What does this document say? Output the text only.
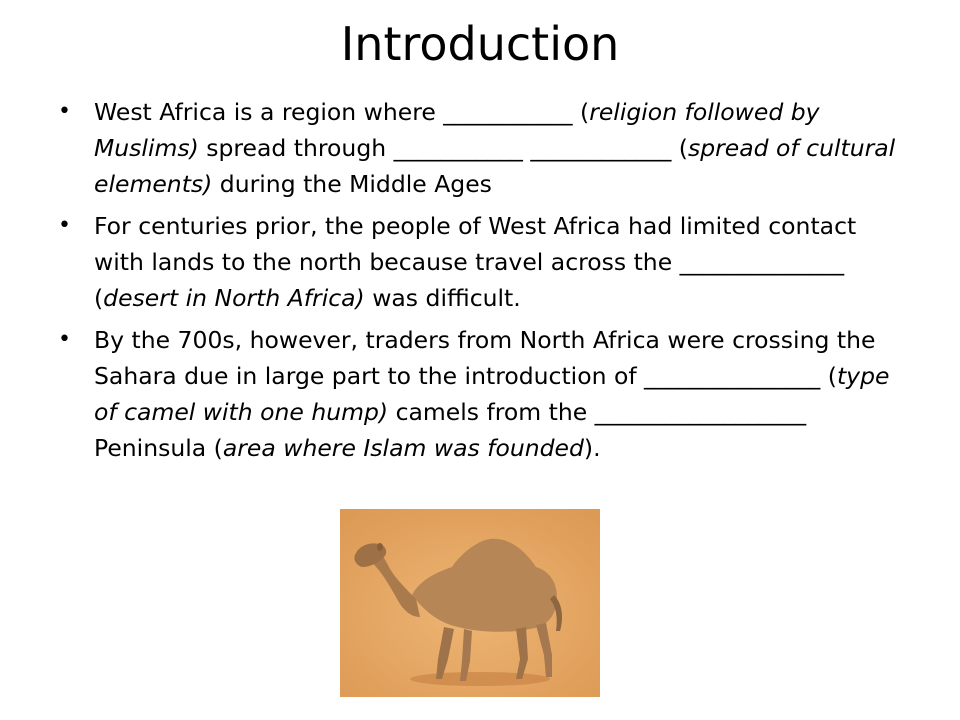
Introduction
• West Africa is a region where ___________ (religion followed by Muslims) spread through ___________ ____________ (spread of cultural elements) during the Middle Ages
• For centuries prior, the people of West Africa had limited contact with lands to the north because travel across the ______________ (desert in North Africa) was difficult.
• By the 700s, however, traders from North Africa were crossing the Sahara due in large part to the introduction of _______________ (type of camel with one hump) camels from the __________________ Peninsula (area where Islam was founded).
